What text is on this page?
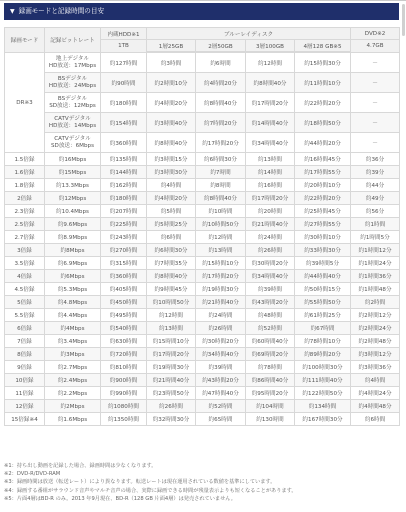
▼ 録画モードと記録時間の目安
録画モード	記録ビットレート	内蔵HDD※1	ブルーレイディスク				DVD※2
		1TB	1層25GB	2層50GB	3層100GB	4層128 GB※5	4.7GB

DR※3	地上デジタル
HD放送：17Mbps	約127時間	約3時間	約6時間	約12時間	約15時間30分	－
	BSデジタル
HD放送：24Mbps	約90時間	約2時間10分	約4時間20分	約8時間40分	約11時間10分	－
	BSデジタル
SD放送：12Mbps	約180時間	約4時間20分	約8時間40分	約17時間20分	約22時間20分	－
	CATVデジタル
HD放送：14Mbps	約154時間	約3時間40分	約7時間20分	約14時間40分	約18時間50分	－
	CATVデジタル
SD放送：6Mbps	約360時間	約8時間40分	約17時間20分	約34時間40分	約44時間20分	－
1.5倍録	約16Mbps	約135時間	約3時間15分	約6時間30分	約13時間	約16時間45分	約36分
1.6倍録	約15Mbps	約144時間	約3時間30分	約7時間	約14時間	約17時間55分	約39分
1.8倍録	約13.3Mbps	約162時間	約4時間	約8時間	約16時間	約20時間10分	約44分
2倍録	約12Mbps	約180時間	約4時間20分	約8時間40分	約17時間20分	約22時間20分	約49分
2.3倍録	約10.4Mbps	約207時間	約5時間	約10時間	約20時間	約25時間45分	約56分
2.5倍録	約9.6Mbps	約225時間	約5時間25分	約10時間50分	約21時間40分	約27時間55分	約1時間
2.7倍録	約8.9Mbps	約243時間	約6時間	約12時間	約24時間	約30時間10分	約1時間5分
3倍録	約8Mbps	約270時間	約6時間30分	約13時間	約26時間	約33時間30分	約1時間12分
3.5倍録	約6.9Mbps	約315時間	約7時間35分	約15時間10分	約30時間20分	約39時間5分	約1時間24分
4倍録	約6Mbps	約360時間	約8時間40分	約17時間20分	約34時間40分	約44時間40分	約1時間36分
4.5倍録	約5.3Mbps	約405時間	約9時間45分	約19時間30分	約39時間	約50時間15分	約1時間48分
5倍録	約4.8Mbps	約450時間	約10時間50分	約21時間40分	約43時間20分	約55時間50分	約2時間
5.5倍録	約4.4Mbps	約495時間	約12時間	約24時間	約48時間	約61時間25分	約2時間12分
6倍録	約4Mbps	約540時間	約13時間	約26時間	約52時間	約67時間	約2時間24分
7倍録	約3.4Mbps	約630時間	約15時間10分	約30時間20分	約60時間40分	約78時間10分	約2時間48分
8倍録	約3Mbps	約720時間	約17時間20分	約34時間40分	約69時間20分	約89時間20分	約3時間12分
9倍録	約2.7Mbps	約810時間	約19時間30分	約39時間	約78時間	約100時間30分	約3時間36分
10倍録	約2.4Mbps	約900時間	約21時間40分	約43時間20分	約86時間40分	約111時間40分	約4時間
11倍録	約2.2Mbps	約990時間	約23時間50分	約47時間40分	約95時間20分	約122時間50分	約4時間24分
12倍録	約2Mbps	約1080時間	約26時間	約52時間	約104時間	約134時間	約4時間48分
15倍録※4	約1.6Mbps	約1350時間	約32時間30分	約65時間	約130時間	約167時間30分	約6時間
※1：持ち出し動画を記録した場合、録画時間は少なくなります。
※2：DVD-R/DVD-RAM
※3：録画時間は放送（転送レート）により異なります。転送レートは現在運用されている数値を基準にしています。
※4：録画する番組がサラウンド音声やマルチ音声の場合、実際に録画できる時間が残量表示よりも短くなることがあります。
※5：片面4層はBD-R のみ。2013 年9月現在、BD-R（128 GB 片面4層）は発売されていません。
